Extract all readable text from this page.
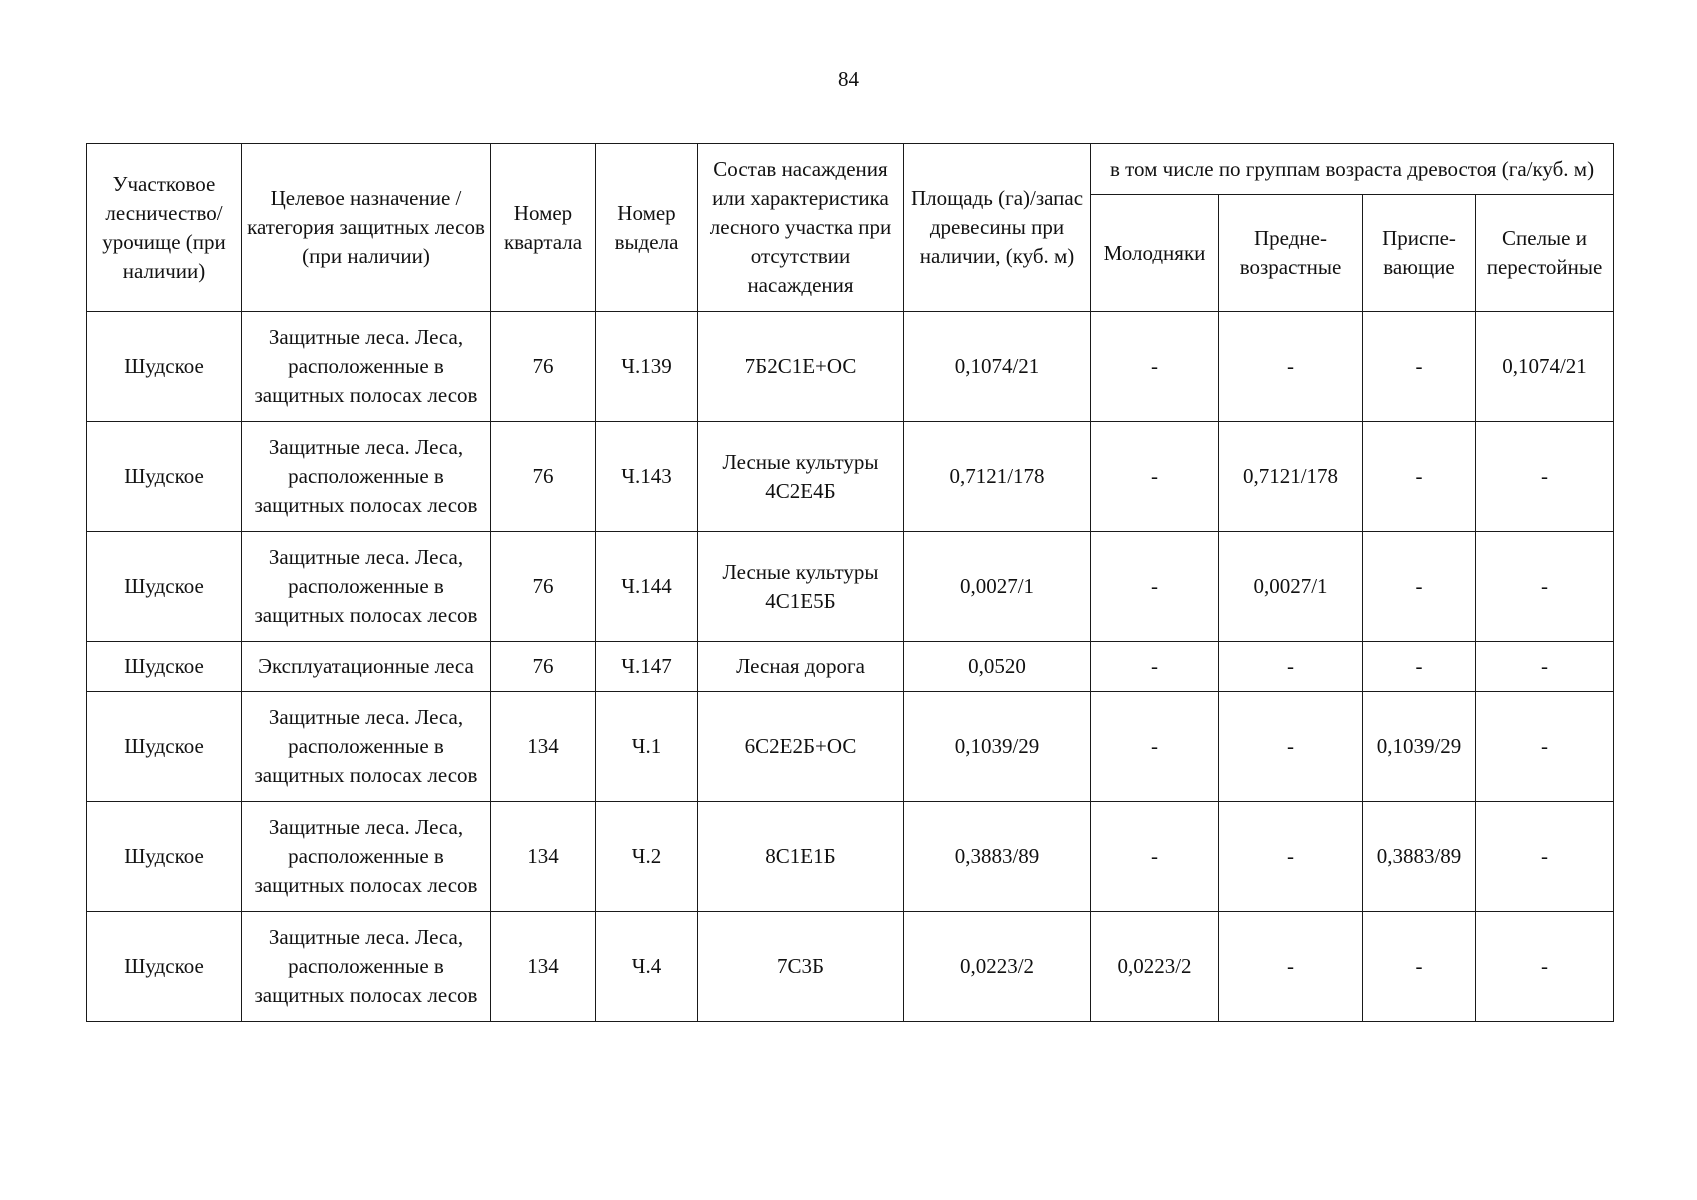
84
Участковое лесничество/ урочище (при наличии)	Целевое назначение / категория защитных лесов (при наличии)	Номер квартала	Номер выдела	Состав насаждения или характеристика лесного участка при отсутствии насаждения	Площадь (га)/запас древесины при наличии, (куб. м)	в том числе по группам возраста древостоя (га/куб. м)			
						Молодняки	Предне- возрастные	Приспе- вающие	Спелые и перестойные
Шудское	Защитные леса. Леса, расположенные в защитных полосах лесов	76	Ч.139	7Б2С1Е+ОС	0,1074/21	-	-	-	0,1074/21
Шудское	Защитные леса. Леса, расположенные в защитных полосах лесов	76	Ч.143	Лесные культуры 4С2Е4Б	0,7121/178	-	0,7121/178	-	-
Шудское	Защитные леса. Леса, расположенные в защитных полосах лесов	76	Ч.144	Лесные культуры 4С1Е5Б	0,0027/1	-	0,0027/1	-	-
Шудское	Эксплуатационные леса	76	Ч.147	Лесная дорога	0,0520	-	-	-	-
Шудское	Защитные леса. Леса, расположенные в защитных полосах лесов	134	Ч.1	6С2Е2Б+ОС	0,1039/29	-	-	0,1039/29	-
Шудское	Защитные леса. Леса, расположенные в защитных полосах лесов	134	Ч.2	8С1Е1Б	0,3883/89	-	-	0,3883/89	-
Шудское	Защитные леса. Леса, расположенные в защитных полосах лесов	134	Ч.4	7С3Б	0,0223/2	0,0223/2	-	-	-
